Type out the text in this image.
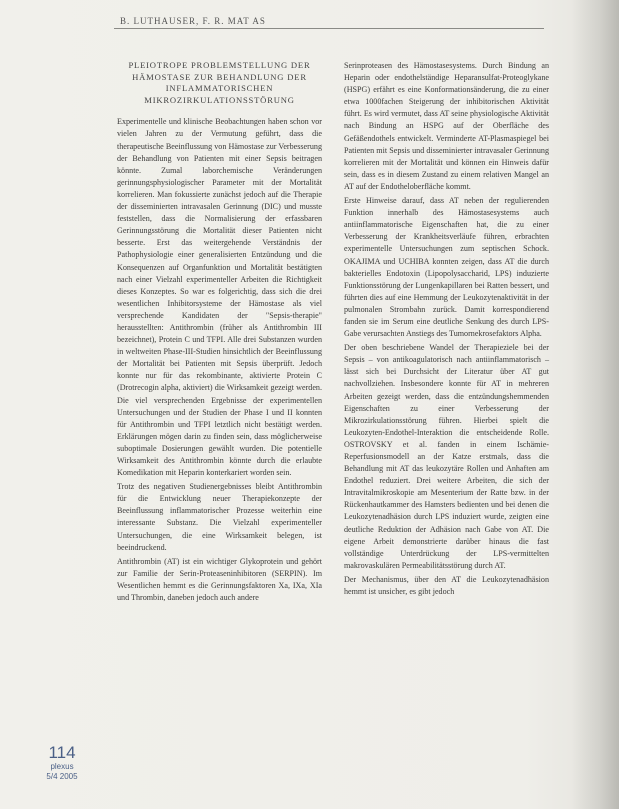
B. LUTHAUSER, F. R. MAT AS
PLEIOTROPE PROBLEMSTELLUNG DER HÄMOSTASE ZUR BEHANDLUNG DER INFLAMMATORISCHEN MIKROZIRKULATIONSSTÖRUNG

Experimentelle und klinische Beobachtungen haben schon vor vielen Jahren zu der Vermutung geführt, dass die therapeutische Beeinflussung von Hämostase zur Verbesserung der Behandlung von Patienten mit einer Sepsis beitragen könnte. Zumal laborchemische Veränderungen gerinnungsphysiologischer Parameter mit der Mortalität korrelieren. Man fokussierte zunächst jedoch auf die Therapie der disseminierten intravasalen Gerinnung (DIC) und musste feststellen, dass die Normalisierung der erfassbaren Gerinnungsstörung die Mortalität dieser Patienten nicht besserte. Erst das weitergehende Verständnis der Pathophysiologie einer generalisierten Entzündung und die Konsequenzen auf Organfunktion und Mortalität bestätigten nach einer Vielzahl experimenteller Arbeiten die Richtigkeit dieses Konzeptes. So war es folgerichtig, dass sich die drei wesentlichen Inhibitorsysteme der Hämostase als viel versprechende Kandidaten der "Sepsis-therapie" herausstellten: Antithrombin (früher als Antithrombin III bezeichnet), Protein C und TFPI. Alle drei Substanzen wurden in weltweiten Phase-III-Studien hinsichtlich der Beeinflussung der Mortalität bei Patienten mit Sepsis überprüft. Jedoch konnte nur für das rekombinante, aktivierte Protein C (Drotrecogin alpha, aktiviert) die Wirksamkeit gezeigt werden. Die viel versprechenden Ergebnisse der experimentellen Untersuchungen und der Studien der Phase I und II konnten für Antithrombin und TFPI letztlich nicht bestätigt werden. Erklärungen mögen darin zu finden sein, dass möglicherweise suboptimale Dosierungen gewählt wurden. Die potentielle Wirksamkeit des Antithrombin könnte durch die erlaubte Komedikation mit Heparin konterkariert worden sein.

Trotz des negativen Studienergebnisses bleibt Antithrombin für die Entwicklung neuer Therapiekonzepte der Beeinflussung inflammatorischer Prozesse weiterhin eine interessante Substanz. Die Vielzahl experimenteller Untersuchungen, die eine Wirksamkeit belegen, ist beeindruckend.

Antithrombin (AT) ist ein wichtiger Glykoprotein und gehört zur Familie der Serin-Proteaseninhibitoren (SERPIN). Im Wesentlichen hemmt es die Gerinnungsfaktoren Xa, IXa, XIa und Thrombin, daneben jedoch auch andere

Serinproteasen des Hämostasesystems. Durch Bindung an Heparin oder endothelständige Heparansulfat-Proteoglykane (HSPG) erfährt es eine Konformationsänderung, die zu einer etwa 1000fachen Steigerung der inhibitorischen Aktivität führt. Es wird vermutet, dass AT seine physiologische Aktivität nach Bindung an HSPG auf der Oberfläche des Gefäßendothels entwickelt. Verminderte AT-Plasmaspiegel bei Patienten mit Sepsis und disseminierter intravasaler Gerinnung korrelieren mit der Mortalität und können ein Hinweis dafür sein, dass es in diesem Zustand zu einem relativen Mangel an AT auf der Endotheloberfläche kommt.

Erste Hinweise darauf, dass AT neben der regulierenden Funktion innerhalb des Hämostasesystems auch antiinflammatorische Eigenschaften hat, die zu einer Verbesserung der Krankheitsverläufe führen, erbrachten experimentelle Untersuchungen zum septischen Schock. OKAJIMA und UCHIBA konnten zeigen, dass AT die durch bakterielles Endotoxin (Lipopolysaccharid, LPS) induzierte Funktionsstörung der Lungenkapillaren bei Ratten bessert, und führten dies auf eine Hemmung der Leukozytenaktivität in der pulmonalen Strombahn zurück. Damit korrespondierend fanden sie im Serum eine deutliche Senkung des durch LPS-Gabe verursachten Anstiegs des Tumornekrosefaktors Alpha.

Der oben beschriebene Wandel der Therapieziele bei der Sepsis – von antikoagulatorisch nach antiinflammatorisch – lässt sich bei Durchsicht der Literatur über AT gut nachvollziehen. Insbesondere konnte für AT in mehreren Arbeiten gezeigt werden, dass die entzündungshemmenden Eigenschaften zu einer Verbesserung der Mikrozirkulationsstörung führen. Hierbei spielt die Leukozyten-Endothel-Interaktion die entscheidende Rolle. OSTROVSKY et al. fanden in einem Ischämie-Reperfusionsmodell an der Katze erstmals, dass die Behandlung mit AT das leukozytäre Rollen und Anhaften am Endothel reduziert. Drei weitere Arbeiten, die sich der Intravitalmikroskopie am Mesenterium der Ratte bzw. in der Rückenhautkammer des Hamsters bedienten und bei denen die Leukozytenadhäsion durch LPS induziert wurde, zeigten eine deutliche Reduktion der Adhäsion nach Gabe von AT. Die eigene Arbeit demonstrierte darüber hinaus die fast vollständige Unterdrückung der LPS-vermittelten makrovaskulären Permeabilitätsstörung durch AT.

Der Mechanismus, über den AT die Leukozytenadhäsion hemmt ist unsicher, es gibt jedoch

114
plexus
5/4 2005
